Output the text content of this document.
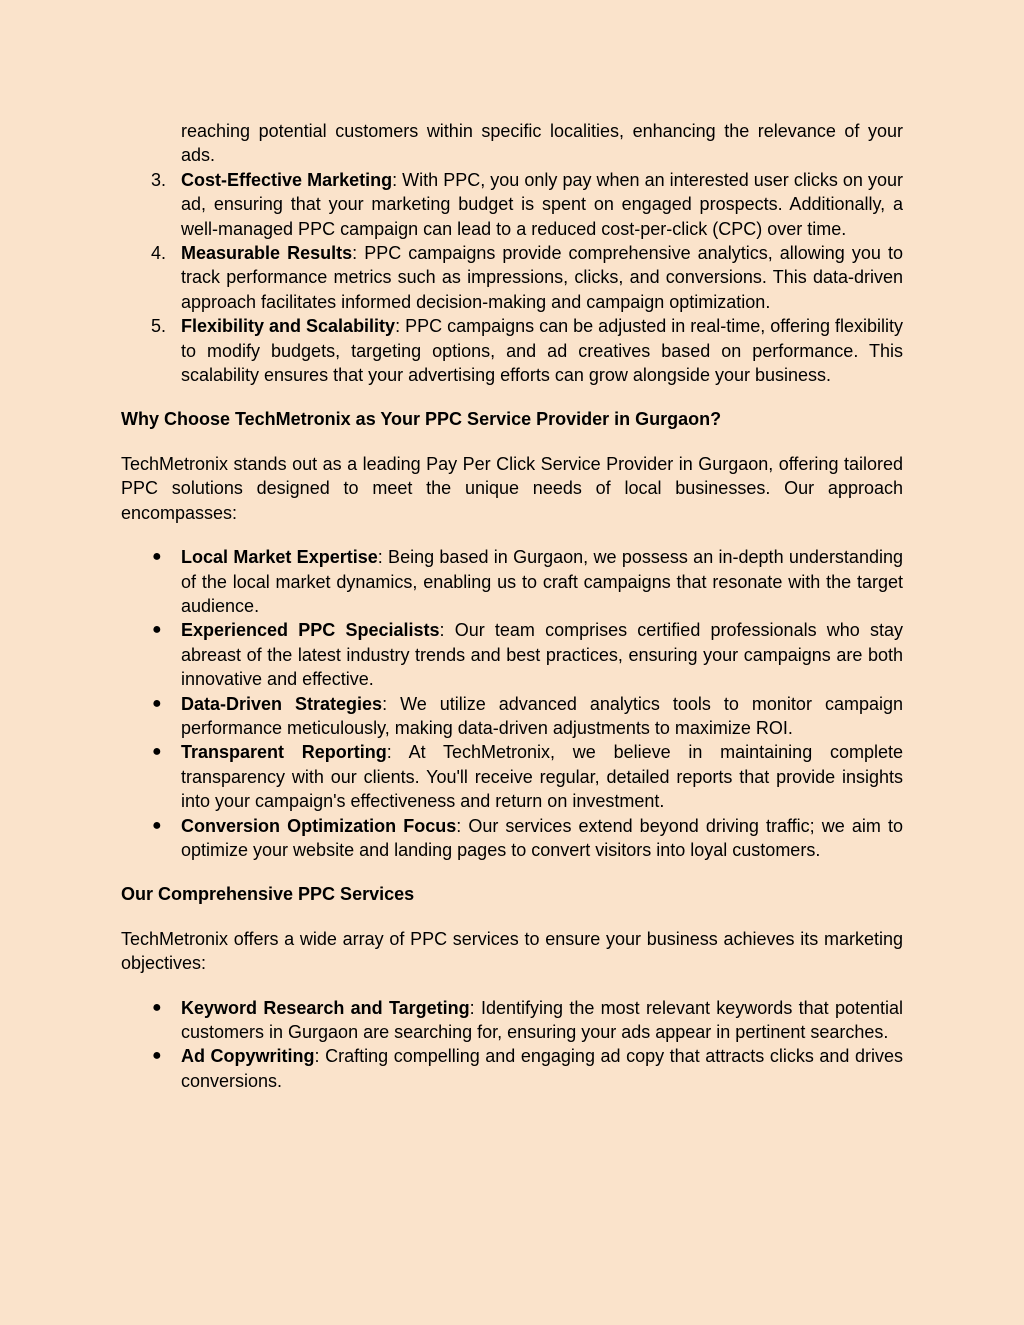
reaching potential customers within specific localities, enhancing the relevance of your ads.

3. Cost-Effective Marketing: With PPC, you only pay when an interested user clicks on your ad, ensuring that your marketing budget is spent on engaged prospects. Additionally, a well-managed PPC campaign can lead to a reduced cost-per-click (CPC) over time.
4. Measurable Results: PPC campaigns provide comprehensive analytics, allowing you to track performance metrics such as impressions, clicks, and conversions. This data-driven approach facilitates informed decision-making and campaign optimization.
5. Flexibility and Scalability: PPC campaigns can be adjusted in real-time, offering flexibility to modify budgets, targeting options, and ad creatives based on performance. This scalability ensures that your advertising efforts can grow alongside your business.

Why Choose TechMetronix as Your PPC Service Provider in Gurgaon?

TechMetronix stands out as a leading Pay Per Click Service Provider in Gurgaon, offering tailored PPC solutions designed to meet the unique needs of local businesses. Our approach encompasses:

● Local Market Expertise: Being based in Gurgaon, we possess an in-depth understanding of the local market dynamics, enabling us to craft campaigns that resonate with the target audience.
● Experienced PPC Specialists: Our team comprises certified professionals who stay abreast of the latest industry trends and best practices, ensuring your campaigns are both innovative and effective.
● Data-Driven Strategies: We utilize advanced analytics tools to monitor campaign performance meticulously, making data-driven adjustments to maximize ROI.
● Transparent Reporting: At TechMetronix, we believe in maintaining complete transparency with our clients. You'll receive regular, detailed reports that provide insights into your campaign's effectiveness and return on investment.
● Conversion Optimization Focus: Our services extend beyond driving traffic; we aim to optimize your website and landing pages to convert visitors into loyal customers.

Our Comprehensive PPC Services

TechMetronix offers a wide array of PPC services to ensure your business achieves its marketing objectives:

● Keyword Research and Targeting: Identifying the most relevant keywords that potential customers in Gurgaon are searching for, ensuring your ads appear in pertinent searches.
● Ad Copywriting: Crafting compelling and engaging ad copy that attracts clicks and drives conversions.
